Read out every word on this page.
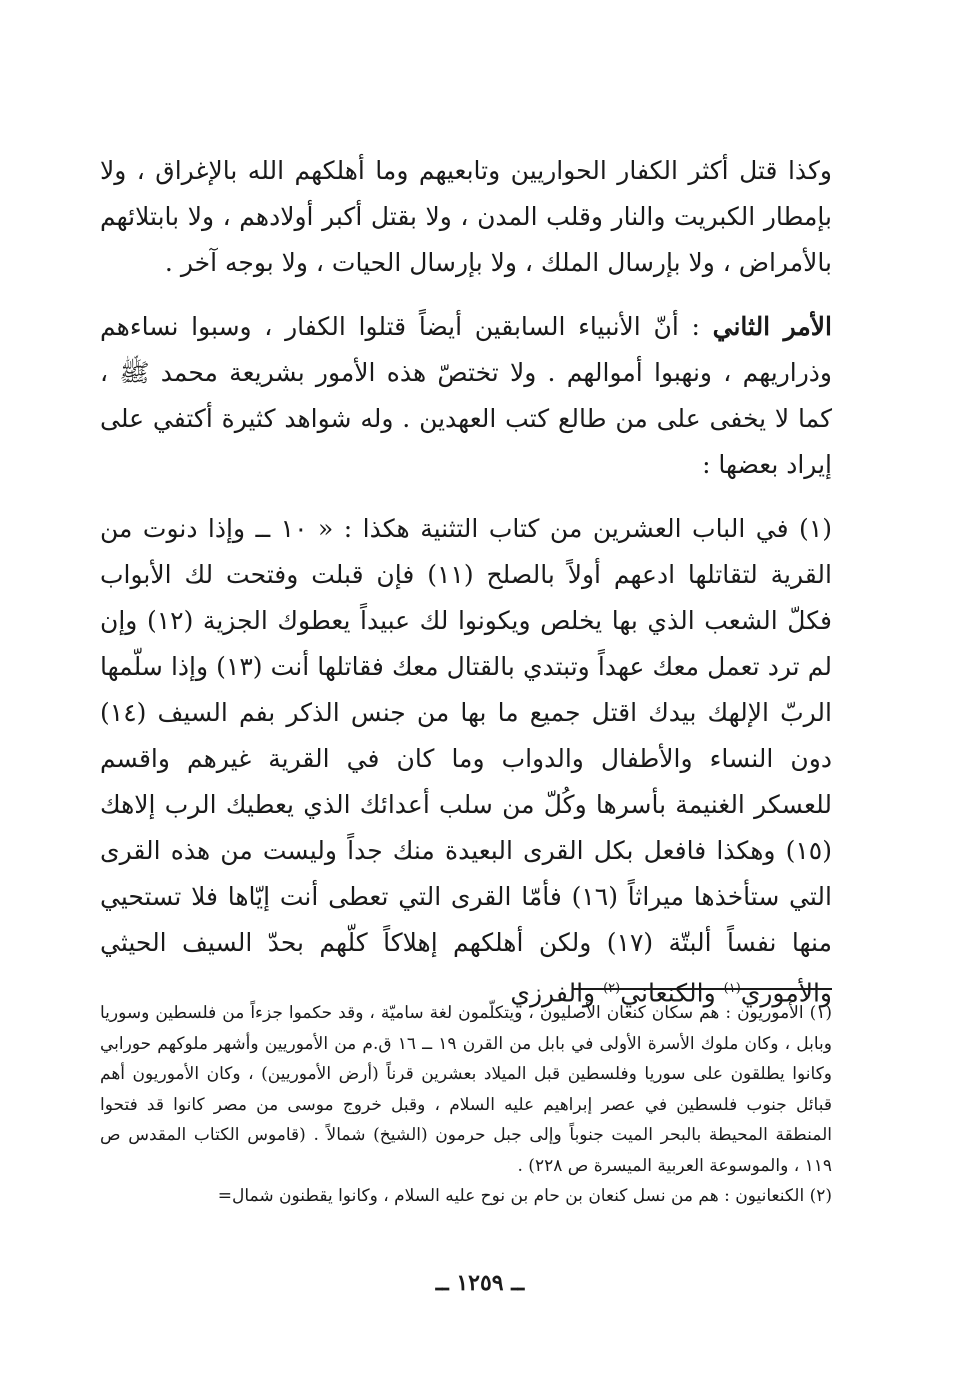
وكذا قتل أكثر الكفار الحواريين وتابعيهم وما أهلكهم الله بالإغراق ، ولا بإمطار الكبريت والنار وقلب المدن ، ولا بقتل أكبر أولادهم ، ولا بابتلائهم بالأمراض ، ولا بإرسال الملك ، ولا بإرسال الحيات ، ولا بوجه آخر .

الأمر الثاني : أنّ الأنبياء السابقين أيضاً قتلوا الكفار ، وسبوا نساءهم وذراريهم ، ونهبوا أموالهم . ولا تختصّ هذه الأمور بشريعة محمد ﷺ ، كما لا يخفى على من طالع كتب العهدين . وله شواهد كثيرة أكتفي على إيراد بعضها :

(١) في الباب العشرين من كتاب التثنية هكذا : « ١٠ ــ وإذا دنوت من القرية لتقاتلها ادعهم أولاً بالصلح (١١) فإن قبلت وفتحت لك الأبواب فكلّ الشعب الذي بها يخلص ويكونوا لك عبيداً يعطوك الجزية (١٢) وإن لم ترد تعمل معك عهداً وتبتدي بالقتال معك فقاتلها أنت (١٣) وإذا سلّمها الربّ الإلهك بيدك اقتل جميع ما بها من جنس الذكر بفم السيف (١٤) دون النساء والأطفال والدواب وما كان في القرية غيرهم واقسم للعسكر الغنيمة بأسرها وكُلّ من سلب أعدائك الذي يعطيك الرب إلاهك (١٥) وهكذا فافعل بكل القرى البعيدة منك جداً وليست من هذه القرى التي ستأخذها ميراثاً (١٦) فأمّا القرى التي تعطى أنت إيّاها فلا تستحيي منها نفساً ألبتّة (١٧) ولكن أهلكهم إهلاكاً كلّهم بحدّ السيف الحيثي والأموري$^{(١)}$ والكنعاني$^{(٢)}$ والفرزي

(١) الأموريون : هم سكان كنعان الأصليون ، ويتكلّمون لغة ساميّة ، وقد حكموا جزءاً من فلسطين وسوريا وبابل ، وكان ملوك الأسرة الأولى في بابل من القرن ١٩ ــ ١٦ ق.م من الأموريين وأشهر ملوكهم حورابي وكانوا يطلقون على سوريا وفلسطين قبل الميلاد بعشرين قرناً (أرض الأموريين) ، وكان الأموريون أهم قبائل جنوب فلسطين في عصر إبراهيم عليه السلام ، وقبل خروج موسى من مصر كانوا قد فتحوا المنطقة المحيطة بالبحر الميت جنوباً وإلى جبل حرمون (الشيخ) شمالاً . (قاموس الكتاب المقدس ص ١١٩ ، والموسوعة العربية الميسرة ص ٢٢٨) .

(٢) الكنعانيون : هم من نسل كنعان بن حام بن نوح عليه السلام ، وكانوا يقطنون شمال=

ــ ١٢٥٩ ــ
